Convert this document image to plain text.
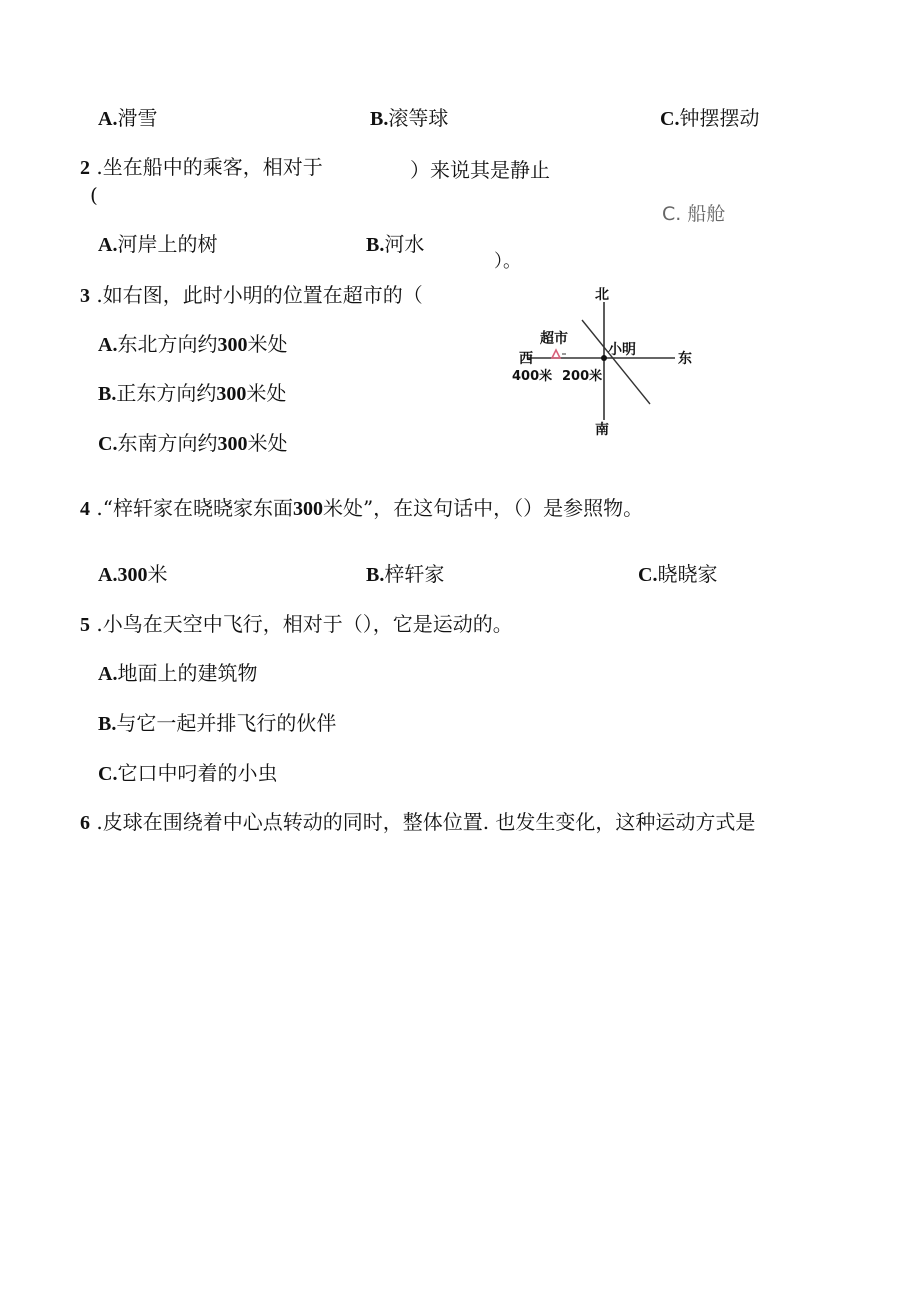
A.滑雪	B.滚等球	C.钟摆摆动
2 .坐在船中的乘客，相对于	）来说其是静止
(
C. 船舱
A.河岸上的树	B.河水
）。
3 .如右图，此时小明的位置在超市的（
A.东北方向约300米处
B.正东方向约300米处
C.东南方向约300米处
北
南
西	东
超市
小明
400米 200米
4 .“梓轩家在晓晓家东面300米处”，在这句话中，（）是参照物。
A.300米	B.梓轩家	C.晓晓家
5 .小鸟在天空中飞行，相对于（），它是运动的。
A.地面上的建筑物
B.与它一起并排飞行的伙伴
C.它口中叼着的小虫
6 .皮球在围绕着中心点转动的同时，整体位置. 也发生变化，这种运动方式是
